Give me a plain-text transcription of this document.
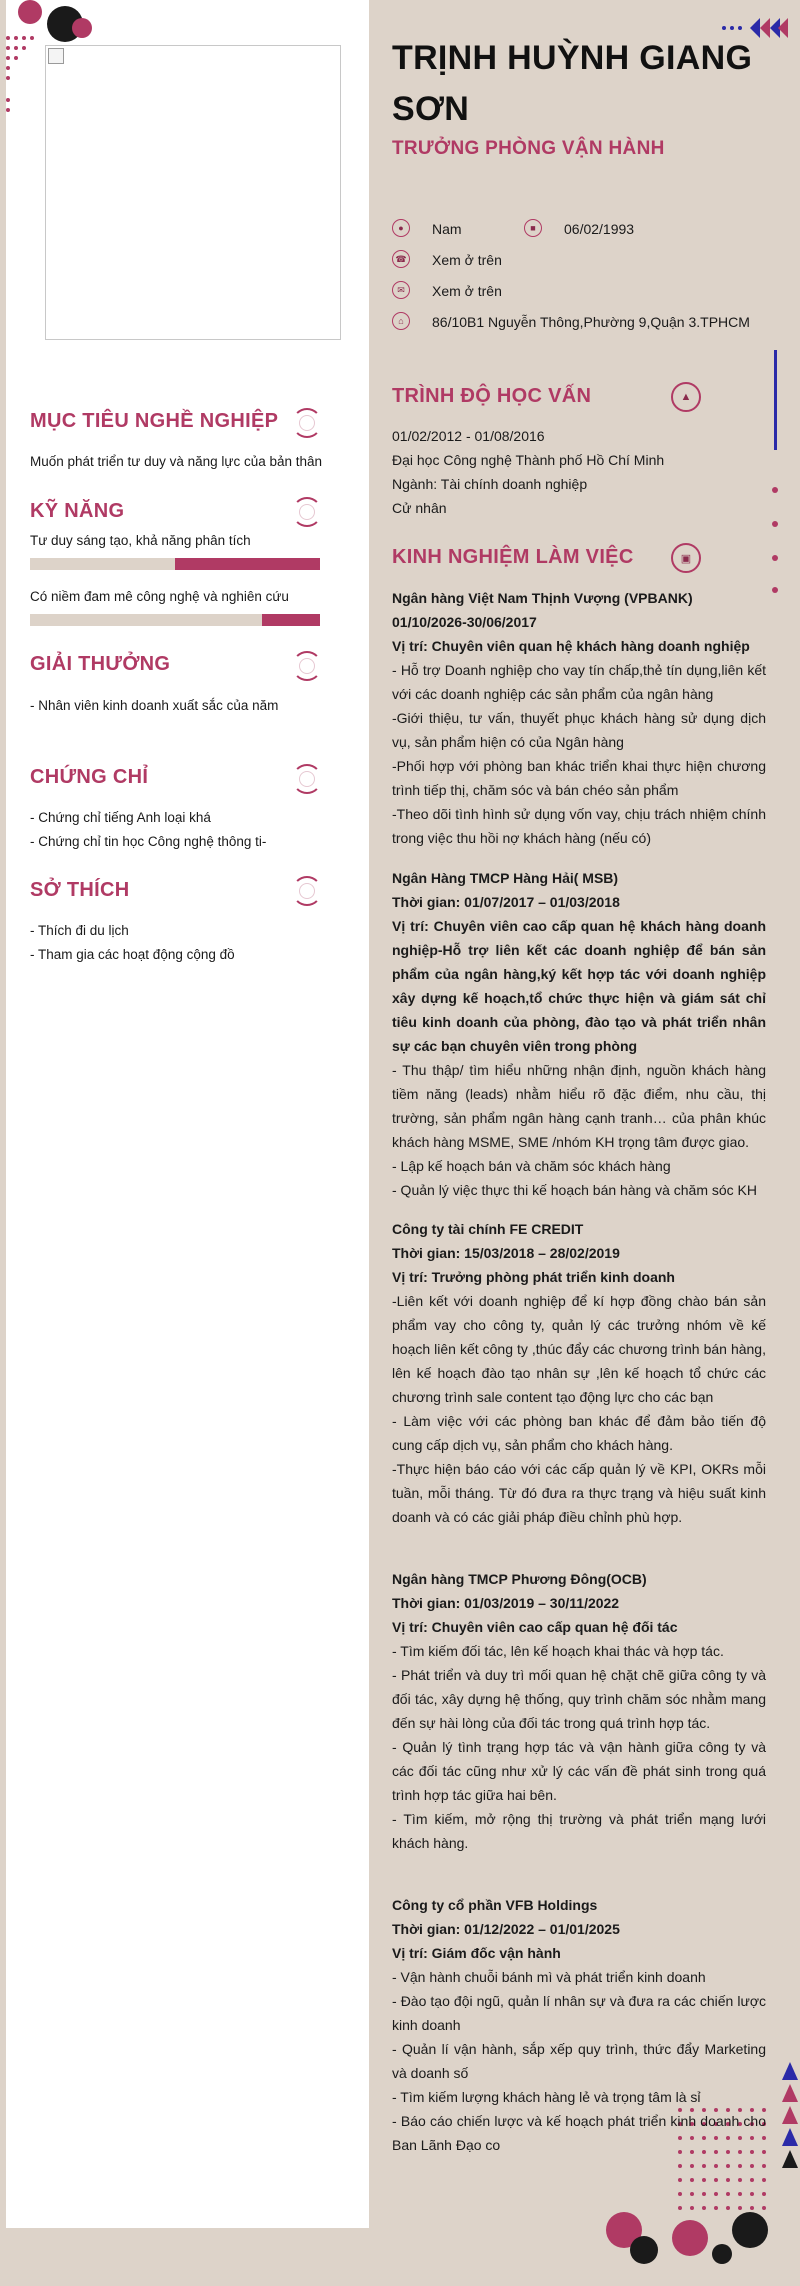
TRỊNH HUỲNH GIANG SƠN
TRƯỞNG PHÒNG VẬN HÀNH
●	Nam	■	06/02/1993
☎ Xem ở trên
✉	Xem ở trên
⌂	86/10B1 Nguyễn Thông,Phường 9,Quận 3.TPHCM
MỤC TIÊU NGHỀ NGHIỆP
Muốn phát triển tư duy và năng lực của bản thân
KỸ NĂNG
Tư duy sáng tạo, khả năng phân tích
Có niềm đam mê công nghệ và nghiên cứu
GIẢI THƯỞNG
- Nhân viên kinh doanh xuất sắc của năm
CHỨNG CHỈ
- Chứng chỉ tiếng Anh loại khá
- Chứng chỉ tin học Công nghệ thông ti-
SỞ THÍCH
- Thích đi du lịch
- Tham gia các hoạt động cộng đồ
TRÌNH ĐỘ HỌC VẤN	▲
01/02/2012 - 01/08/2016
Đại học Công nghệ Thành phố Hồ Chí Minh
Ngành: Tài chính doanh nghiệp
Cử nhân
KINH NGHIỆM LÀM VIỆC	▣
Ngân hàng Việt Nam Thịnh Vượng (VPBANK)
01/10/2026-30/06/2017
Vị trí: Chuyên viên quan hệ khách hàng doanh nghiệp
- Hỗ trợ Doanh nghiệp cho vay tín chấp,thẻ tín dụng,liên kết với các doanh nghiệp các sản phẩm của ngân hàng
-Giới thiệu, tư vấn, thuyết phục khách hàng sử dụng dịch vụ, sản phẩm hiện có của Ngân hàng
-Phối hợp với phòng ban khác triển khai thực hiện chương trình tiếp thị, chăm sóc và bán chéo sản phẩm
-Theo dõi tình hình sử dụng vốn vay, chịu trách nhiệm chính trong việc thu hồi nợ khách hàng (nếu có)
Ngân Hàng TMCP Hàng Hải( MSB)
Thời gian: 01/07/2017 – 01/03/2018
Vị trí: Chuyên viên cao cấp quan hệ khách hàng doanh nghiệp-Hỗ trợ liên kết các doanh nghiệp để bán sản phẩm của ngân hàng,ký kết hợp tác với doanh nghiệp xây dựng kế hoạch,tổ chức thực hiện và giám sát chỉ tiêu kinh doanh của phòng, đào tạo và phát triển nhân sự các bạn chuyên viên trong phòng
- Thu thập/ tìm hiểu những nhận định, nguồn khách hàng tiềm năng (leads) nhằm hiểu rõ đặc điểm, nhu cầu, thị trường, sản phẩm ngân hàng cạnh tranh… của phân khúc khách hàng MSME, SME /nhóm KH trọng tâm được giao.
- Lập kế hoạch bán và chăm sóc khách hàng
- Quản lý việc thực thi kế hoạch bán hàng và chăm sóc KH
Công ty tài chính FE CREDIT
Thời gian: 15/03/2018 – 28/02/2019
Vị trí: Trưởng phòng phát triển kinh doanh
-Liên kết với doanh nghiệp để kí hợp đồng chào bán sản phẩm vay cho công ty, quản lý các trưởng nhóm về kế hoạch liên kết công ty ,thúc đẩy các chương trình bán hàng, lên kế hoạch đào tạo nhân sự ,lên kế hoạch tổ chức các chương trình sale content tạo động lực cho các bạn
- Làm việc với các phòng ban khác để đảm bảo tiến độ cung cấp dịch vụ, sản phẩm cho khách hàng.
-Thực hiện báo cáo với các cấp quản lý về KPI, OKRs mỗi tuần, mỗi tháng. Từ đó đưa ra thực trạng và hiệu suất kinh doanh và có các giải pháp điều chỉnh phù hợp.
Ngân hàng TMCP Phương Đông(OCB)
Thời gian: 01/03/2019 – 30/11/2022
Vị trí: Chuyên viên cao cấp quan hệ đối tác
- Tìm kiếm đối tác, lên kế hoạch khai thác và hợp tác.
- Phát triển và duy trì mối quan hệ chặt chẽ giữa công ty và đối tác, xây dựng hệ thống, quy trình chăm sóc nhằm mang đến sự hài lòng của đối tác trong quá trình hợp tác.
- Quản lý tình trạng hợp tác và vận hành giữa công ty và các đối tác cũng như xử lý các vấn đề phát sinh trong quá trình hợp tác giữa hai bên.
- Tìm kiếm, mở rộng thị trường và phát triển mạng lưới khách hàng.
Công ty cổ phần VFB Holdings
Thời gian: 01/12/2022 – 01/01/2025
Vị trí: Giám đốc vận hành
- Vận hành chuỗi bánh mì và phát triển kinh doanh
- Đào tạo đội ngũ, quản lí nhân sự và đưa ra các chiến lược kinh doanh
- Quản lí vận hành, sắp xếp quy trình, thức đẩy Marketing và doanh số
- Tìm kiếm lượng khách hàng lẻ và trọng tâm là sỉ
- Báo cáo chiến lược và kế hoạch phát triển kinh doanh cho Ban Lãnh Đạo co
